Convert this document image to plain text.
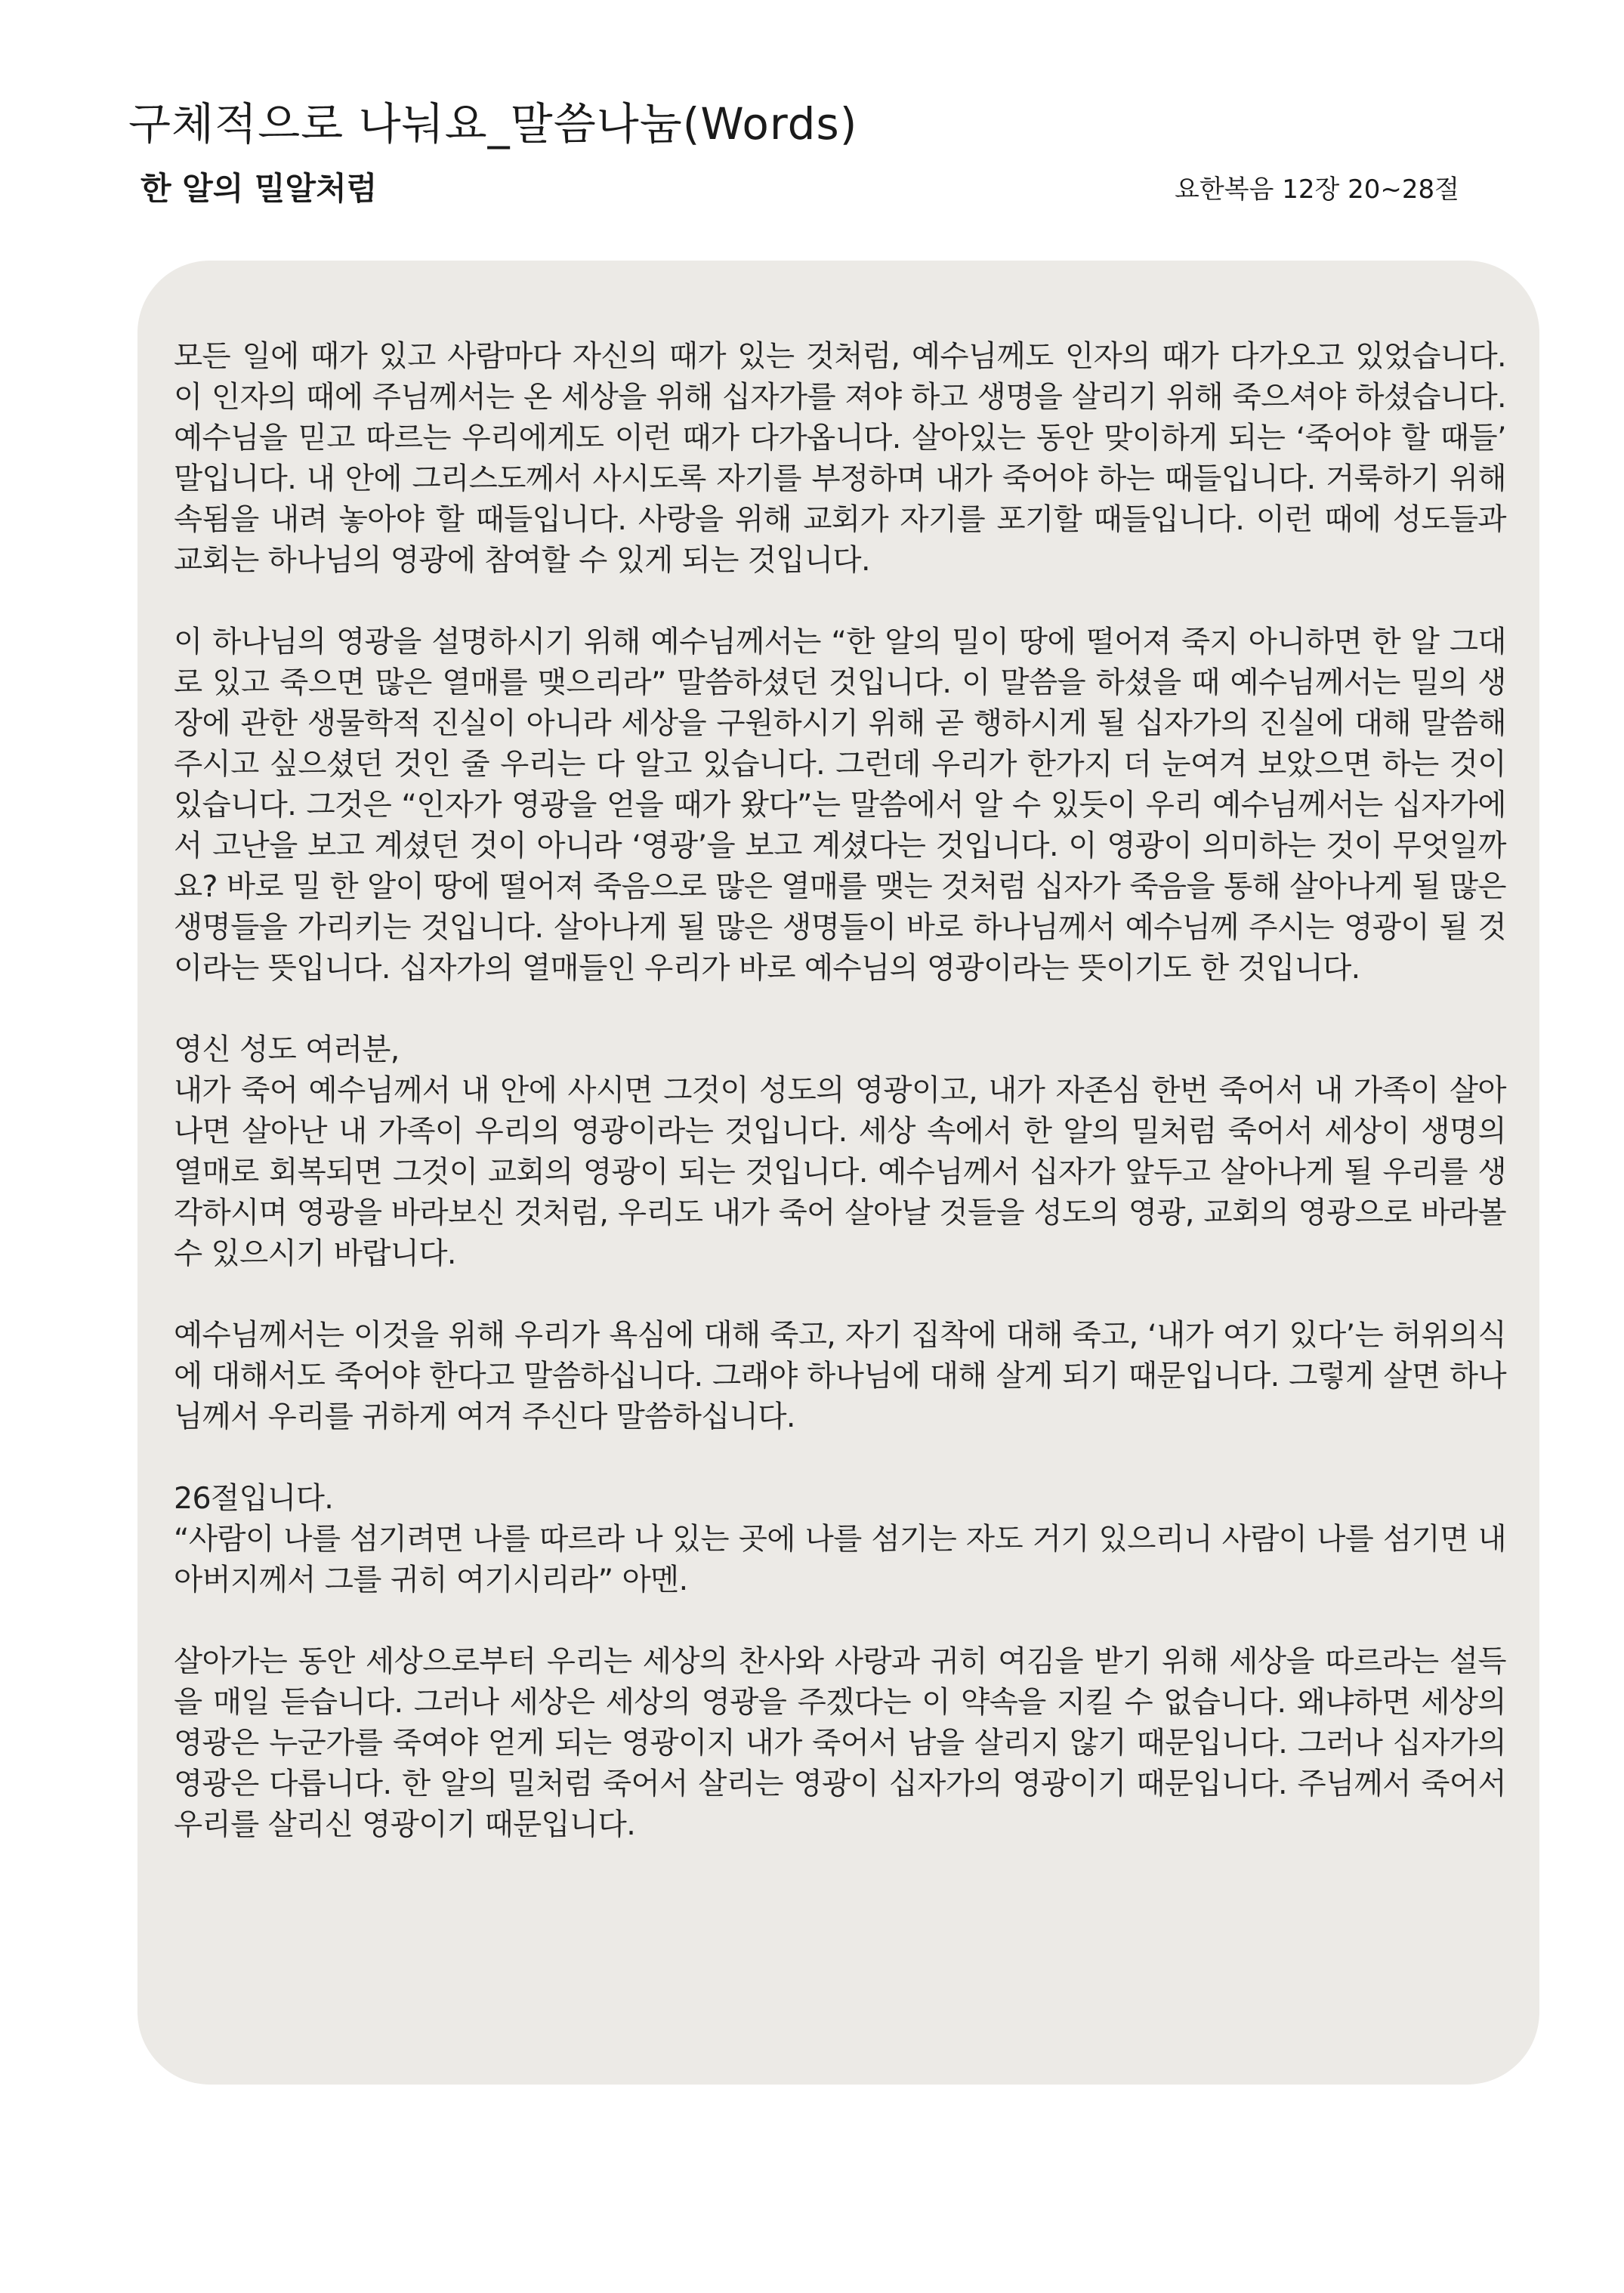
구체적으로 나눠요_말씀나눔(Words)
한 알의 밀알처럼	요한복음 12장 20~28절

모든 일에 때가 있고 사람마다 자신의 때가 있는 것처럼, 예수님께도 인자의 때가 다가오고 있었습니다. 이 인자의 때에 주님께서는 온 세상을 위해 십자가를 져야 하고 생명을 살리기 위해 죽으셔야 하셨습니다. 예수님을 믿고 따르는 우리에게도 이런 때가 다가옵니다. 살아있는 동안 맞이하게 되는 ‘죽어야 할 때들’ 말입니다. 내 안에 그리스도께서 사시도록 자기를 부정하며 내가 죽어야 하는 때들입니다. 거룩하기 위해 속됨을 내려 놓아야 할 때들입니다. 사랑을 위해 교회가 자기를 포기할 때들입니다. 이런 때에 성도들과 교회는 하나님의 영광에 참여할 수 있게 되는 것입니다.

이 하나님의 영광을 설명하시기 위해 예수님께서는 “한 알의 밀이 땅에 떨어져 죽지 아니하면 한 알 그대로 있고 죽으면 많은 열매를 맺으리라” 말씀하셨던 것입니다. 이 말씀을 하셨을 때 예수님께서는 밀의 생장에 관한 생물학적 진실이 아니라 세상을 구원하시기 위해 곧 행하시게 될 십자가의 진실에 대해 말씀해 주시고 싶으셨던 것인 줄 우리는 다 알고 있습니다. 그런데 우리가 한가지 더 눈여겨 보았으면 하는 것이 있습니다. 그것은 “인자가 영광을 얻을 때가 왔다”는 말씀에서 알 수 있듯이 우리 예수님께서는 십자가에서 고난을 보고 계셨던 것이 아니라 ‘영광’을 보고 계셨다는 것입니다. 이 영광이 의미하는 것이 무엇일까요? 바로 밀 한 알이 땅에 떨어져 죽음으로 많은 열매를 맺는 것처럼 십자가 죽음을 통해 살아나게 될 많은 생명들을 가리키는 것입니다. 살아나게 될 많은 생명들이 바로 하나님께서 예수님께 주시는 영광이 될 것이라는 뜻입니다. 십자가의 열매들인 우리가 바로 예수님의 영광이라는 뜻이기도 한 것입니다.

영신 성도 여러분,
내가 죽어 예수님께서 내 안에 사시면 그것이 성도의 영광이고, 내가 자존심 한번 죽어서 내 가족이 살아나면 살아난 내 가족이 우리의 영광이라는 것입니다. 세상 속에서 한 알의 밀처럼 죽어서 세상이 생명의 열매로 회복되면 그것이 교회의 영광이 되는 것입니다. 예수님께서 십자가 앞두고 살아나게 될 우리를 생각하시며 영광을 바라보신 것처럼, 우리도 내가 죽어 살아날 것들을 성도의 영광, 교회의 영광으로 바라볼 수 있으시기 바랍니다.

예수님께서는 이것을 위해 우리가 욕심에 대해 죽고, 자기 집착에 대해 죽고, ‘내가 여기 있다’는 허위의식에 대해서도 죽어야 한다고 말씀하십니다. 그래야 하나님에 대해 살게 되기 때문입니다. 그렇게 살면 하나님께서 우리를 귀하게 여겨 주신다 말씀하십니다.

26절입니다.
“사람이 나를 섬기려면 나를 따르라 나 있는 곳에 나를 섬기는 자도 거기 있으리니 사람이 나를 섬기면 내 아버지께서 그를 귀히 여기시리라” 아멘.

살아가는 동안 세상으로부터 우리는 세상의 찬사와 사랑과 귀히 여김을 받기 위해 세상을 따르라는 설득을 매일 듣습니다. 그러나 세상은 세상의 영광을 주겠다는 이 약속을 지킬 수 없습니다. 왜냐하면 세상의 영광은 누군가를 죽여야 얻게 되는 영광이지 내가 죽어서 남을 살리지 않기 때문입니다. 그러나 십자가의 영광은 다릅니다. 한 알의 밀처럼 죽어서 살리는 영광이 십자가의 영광이기 때문입니다. 주님께서 죽어서 우리를 살리신 영광이기 때문입니다.
